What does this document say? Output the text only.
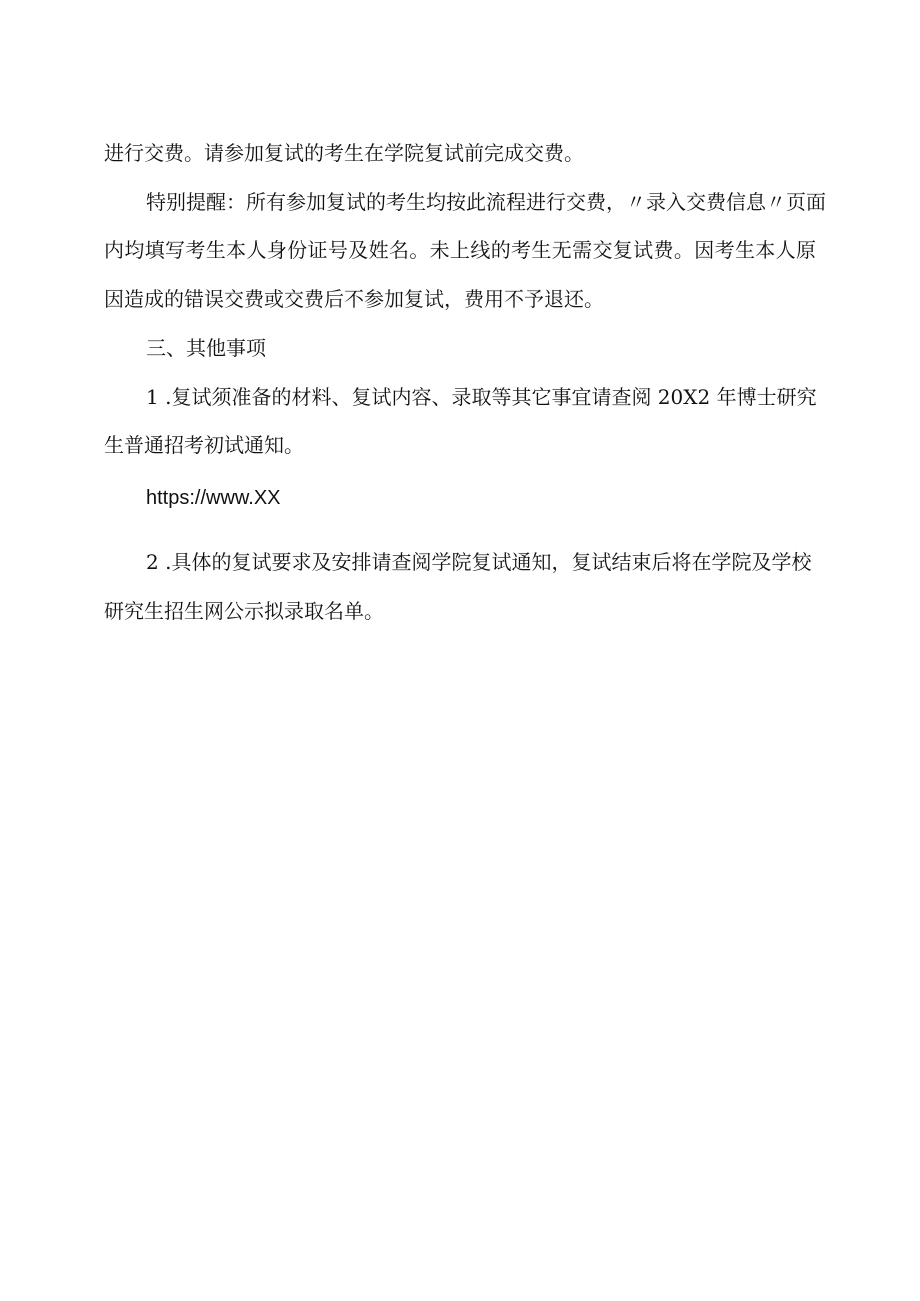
进行交费。请参加复试的考生在学院复试前完成交费。
特别提醒：所有参加复试的考生均按此流程进行交费，〃录入交费信息〃页面
内均填写考生本人身份证号及姓名。未上线的考生无需交复试费。因考生本人原
因造成的错误交费或交费后不参加复试，费用不予退还。
三、其他事项
1 .复试须准备的材料、复试内容、录取等其它事宜请查阅 20X2 年博士研究
生普通招考初试通知。
https://www.XX
2 .具体的复试要求及安排请查阅学院复试通知，复试结束后将在学院及学校
研究生招生网公示拟录取名单。
